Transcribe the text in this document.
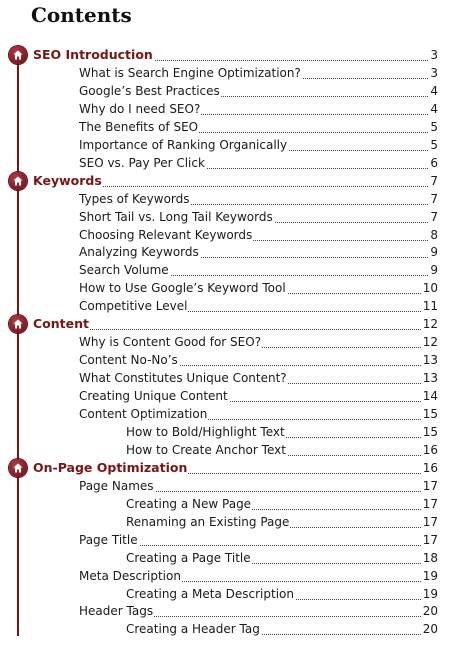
Contents
SEO Introduction	3
What is Search Engine Optimization?	3
Google’s Best Practices	4
Why do I need SEO?	4
The Benefits of SEO	5
Importance of Ranking Organically	5
SEO vs. Pay Per Click	6
Keywords	7
Types of Keywords	7
Short Tail vs. Long Tail Keywords	7
Choosing Relevant Keywords	8
Analyzing Keywords	9
Search Volume	9
How to Use Google’s Keyword Tool	10
Competitive Level	11
Content	12
Why is Content Good for SEO?	12
Content No-No’s	13
What Constitutes Unique Content?	13
Creating Unique Content	14
Content Optimization	15
How to Bold/Highlight Text	15
How to Create Anchor Text	16
On-Page Optimization	16
Page Names	17
Creating a New Page	17
Renaming an Existing Page	17
Page Title	17
Creating a Page Title	18
Meta Description	19
Creating a Meta Description	19
Header Tags	20
Creating a Header Tag	20
